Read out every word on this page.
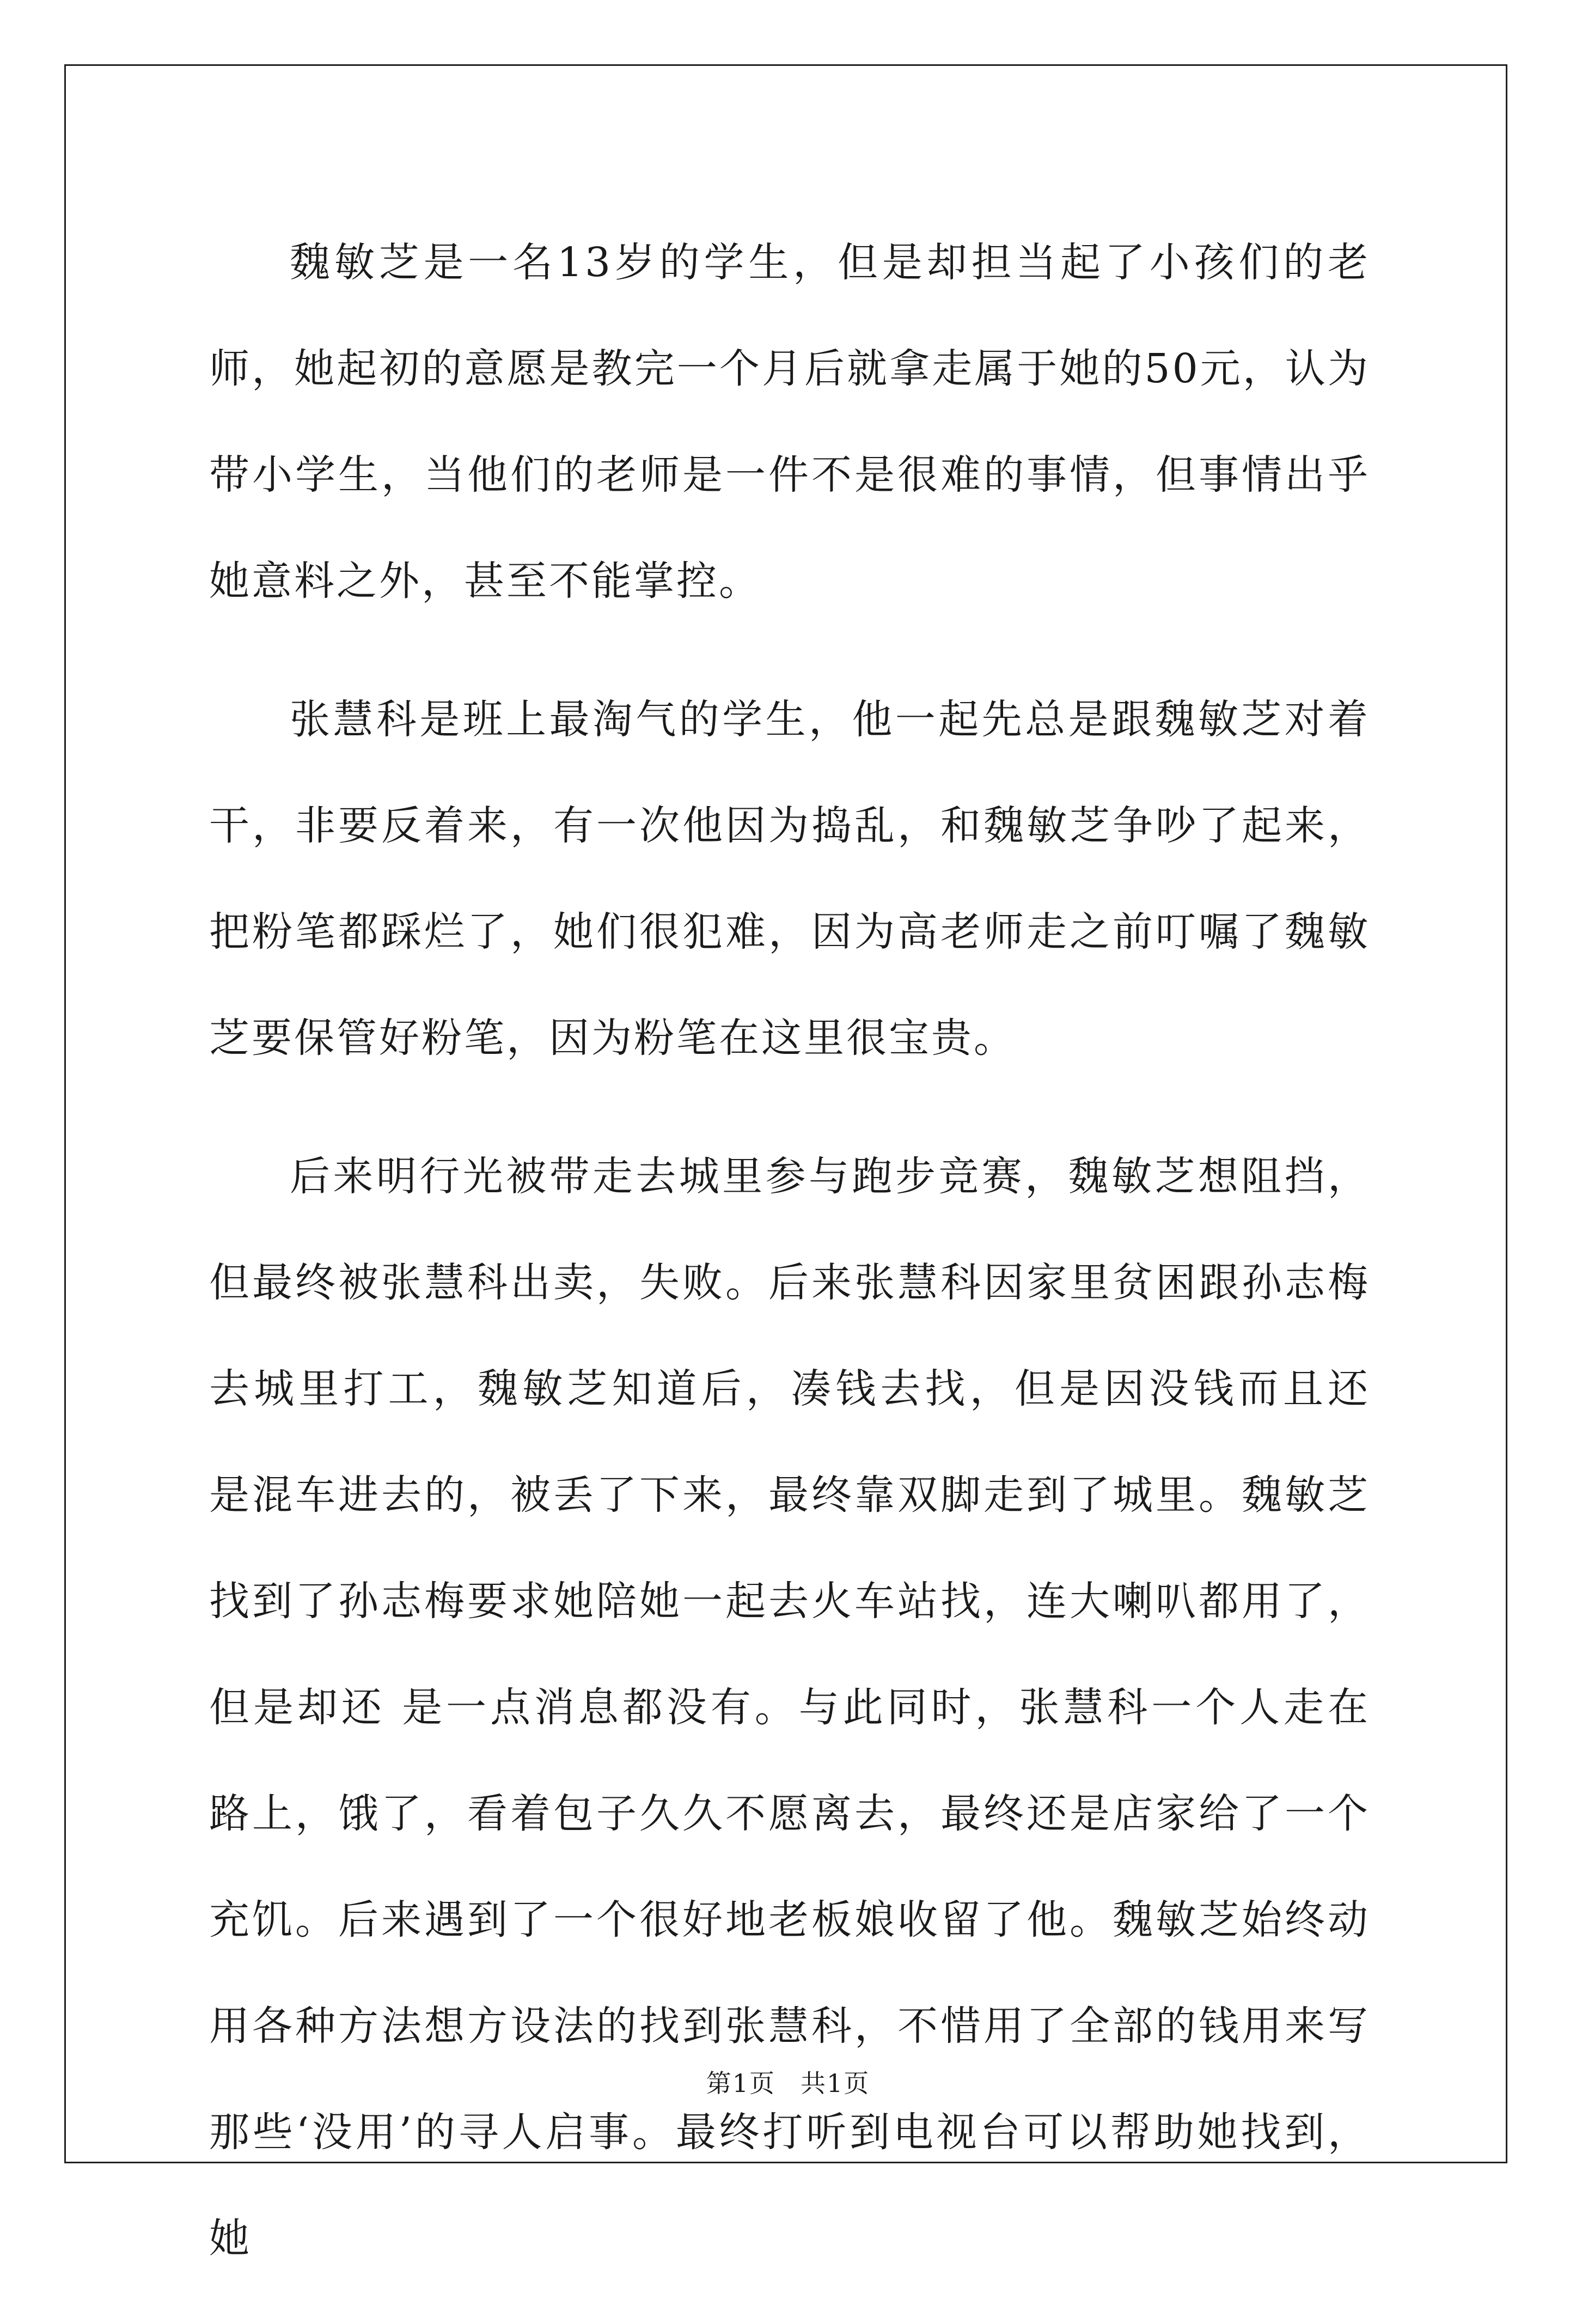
魏敏芝是一名13岁的学生，但是却担当起了小孩们的老师，她起初的意愿是教完一个月后就拿走属于她的50元，认为带小学生，当他们的老师是一件不是很难的事情，但事情出乎她意料之外，甚至不能掌控。

张慧科是班上最淘气的学生，他一起先总是跟魏敏芝对着干，非要反着来，有一次他因为捣乱，和魏敏芝争吵了起来，把粉笔都踩烂了，她们很犯难，因为高老师走之前叮嘱了魏敏芝要保管好粉笔，因为粉笔在这里很宝贵。

后来明行光被带走去城里参与跑步竞赛，魏敏芝想阻挡，但最终被张慧科出卖，失败。后来张慧科因家里贫困跟孙志梅去城里打工，魏敏芝知道后，凑钱去找，但是因没钱而且还 是混车进去的，被丢了下来，最终靠双脚走到了城里。魏敏芝找到了孙志梅要求她陪她一起去火车站找，连大喇叭都用了，但是却还 是一点消息都没有。与此同时，张慧科一个人走在路上，饿了，看着包子久久不愿离去，最终还是店家给了一个充饥。后来遇到了一个很好地老板娘收留了他。魏敏芝始终动用各种方法想方设法的找到张慧科，不惜用了全部的钱用来写那些‘没用’的寻人启事。最终打听到电视台可以帮助她找到，她

第1页 共1页
